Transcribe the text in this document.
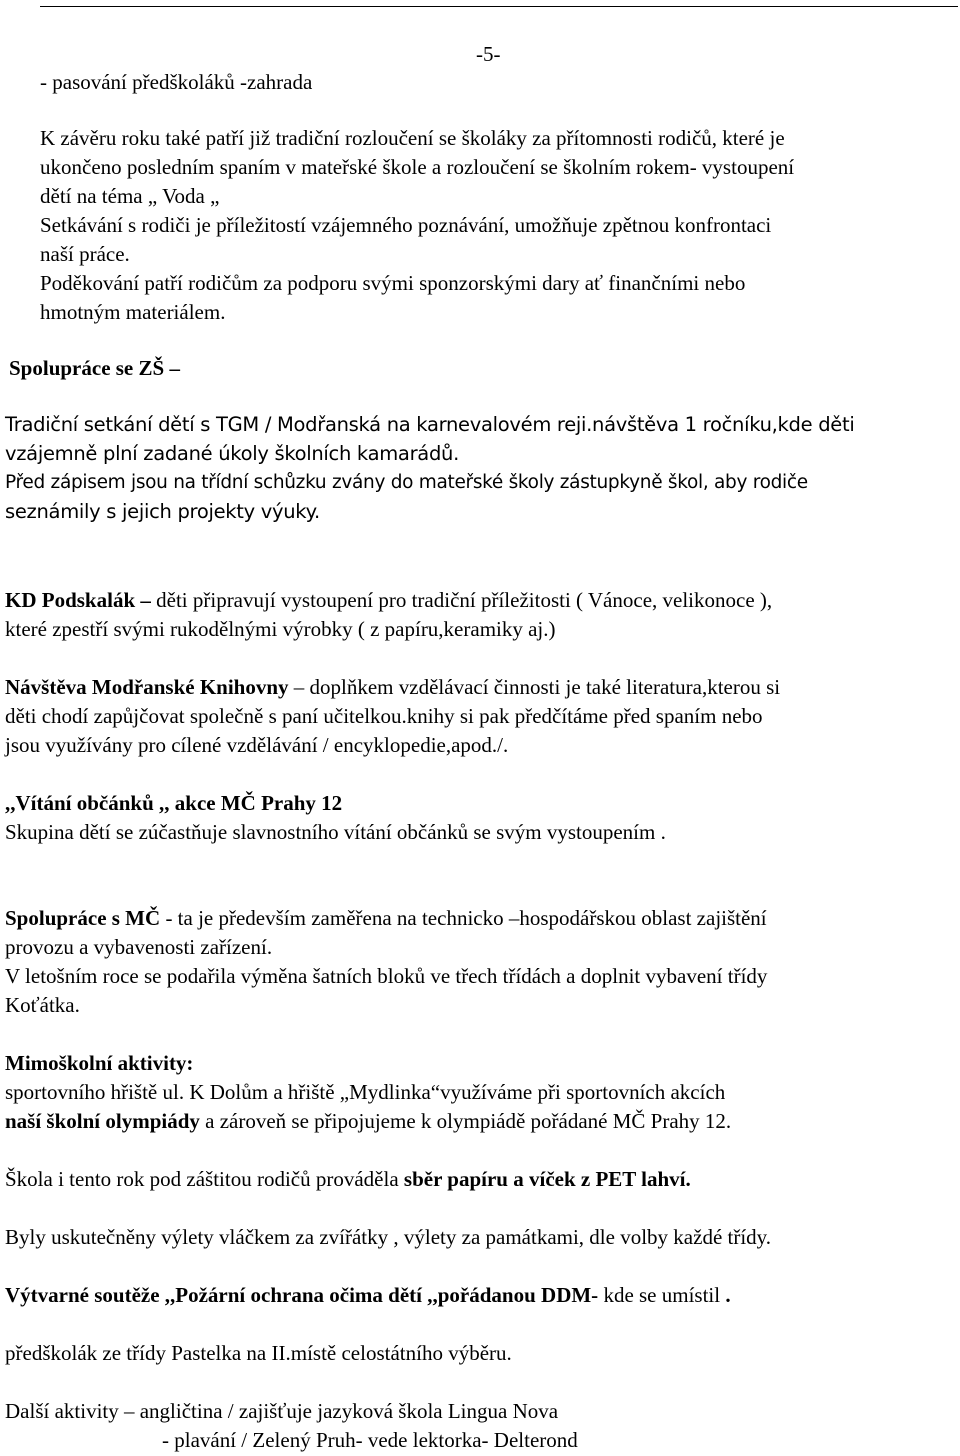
-5-
- pasování předškoláků -zahrada
K závěru roku také patří již tradiční rozloučení se školáky za přítomnosti rodičů, které je
ukončeno posledním spaním v mateřské škole a rozloučení se školním rokem- vystoupení
dětí na téma „ Voda „
Setkávání s rodiči je příležitostí vzájemného poznávání, umožňuje zpětnou konfrontaci
naší práce.
Poděkování patří rodičům za podporu svými sponzorskými dary ať finančními nebo
hmotným materiálem.
Spolupráce se ZŠ –
Tradiční setkání dětí s TGM / Modřanská na karnevalovém reji.návštěva 1 ročníku,kde děti
vzájemně plní zadané úkoly školních kamarádů.
Před zápisem jsou na třídní schůzku zvány do mateřské školy zástupkyně škol, aby rodiče
seznámily s jejich projekty výuky.
KD Podskalák – děti připravují vystoupení pro tradiční příležitosti ( Vánoce, velikonoce ),
které zpestří svými rukodělnými výrobky ( z papíru,keramiky aj.)
Návštěva Modřanské Knihovny – doplňkem vzdělávací činnosti je také literatura,kterou si
děti chodí zapůjčovat společně s paní učitelkou.knihy si pak předčítáme před spaním nebo
jsou využívány pro cílené vzdělávání / encyklopedie,apod./.
,,Vítání občánků ,, akce MČ Prahy 12
Skupina dětí se zúčastňuje slavnostního vítání občánků se svým vystoupením .
Spolupráce s MČ - ta je především zaměřena na technicko –hospodářskou oblast zajištění
provozu a vybavenosti zařízení.
V letošním roce se podařila výměna šatních bloků ve třech třídách a doplnit vybavení třídy
Koťátka.
Mimoškolní aktivity:
sportovního hřiště ul. K Dolům a hřiště „Mydlinka“využíváme při sportovních akcích
naší školní olympiády a zároveň se připojujeme k olympiádě pořádané MČ Prahy 12.
Škola i tento rok pod záštitou rodičů prováděla sběr papíru a víček z PET lahví.
Byly uskutečněny výlety vláčkem za zvířátky , výlety za památkami, dle volby každé třídy.
Výtvarné soutěže ,,Požární ochrana očima dětí ,,pořádanou DDM- kde se umístil .
předškolák ze třídy Pastelka na II.místě celostátního výběru.
Další aktivity – angličtina / zajišťuje jazyková škola Lingua Nova
- plavání / Zelený Pruh- vede lektorka- Delterond
